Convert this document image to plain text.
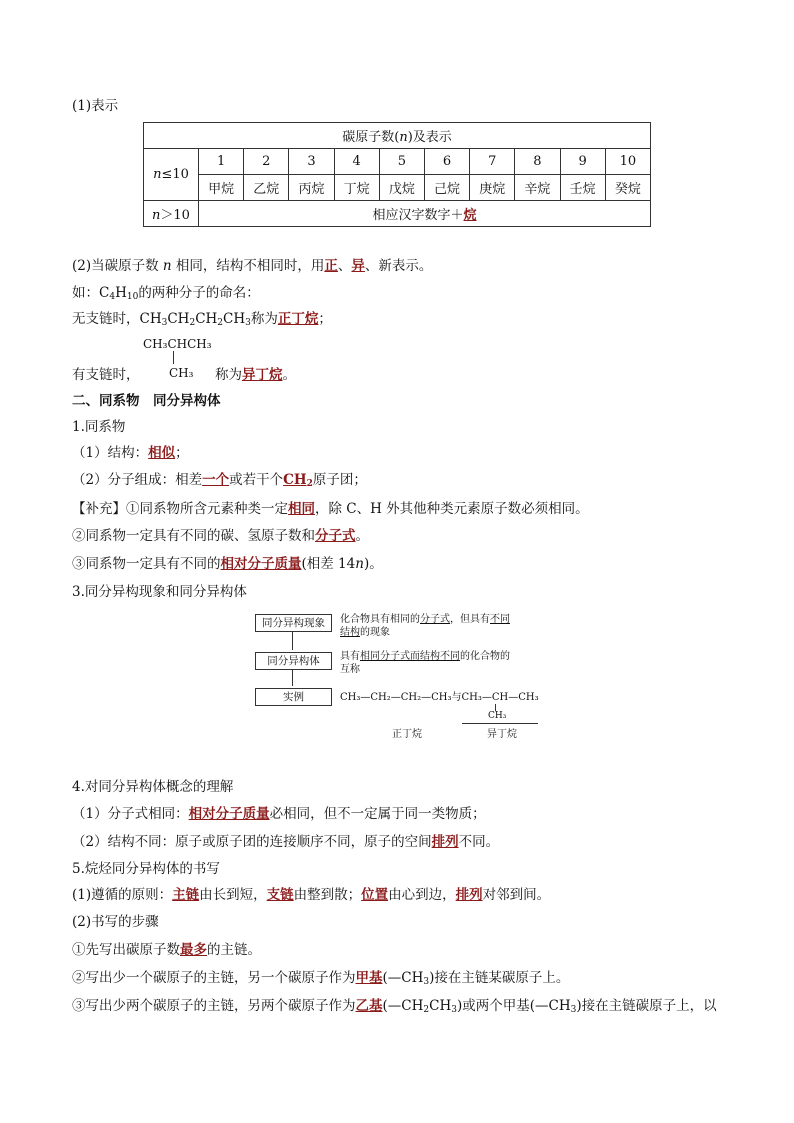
(1)表示
碳原子数(n)及表示										
n≤10	1	2	3	4	5	6	7	8	9	10
	甲烷	乙烷	丙烷	丁烷	戊烷	己烷	庚烷	辛烷	壬烷	癸烷
n＞10	相应汉字数字＋烷									
(2)当碳原子数 n 相同，结构不相同时，用正、异、新表示。
如：$C_4H_{10}$的两种分子的命名：
无支链时，$CH_3CH_2CH_2CH_3$称为正丁烷；
CH₃CHCH₃
CH₃
有支链时，	称为异丁烷。
二、同系物　同分异构体
1.同系物
（1）结构：相似；
（2）分子组成：相差一个或若干个$CH_2$原子团；
【补充】①同系物所含元素种类一定相同，除 C、H 外其他种类元素原子数必须相同。
②同系物一定具有不同的碳、氢原子数和分子式。
③同系物一定具有不同的相对分子质量(相差 14n)。
3.同分异构现象和同分异构体
同分异构现象
同分异构体
实例
化合物具有相同的分子式，但具有不同
结构的现象
具有相同分子式而结构不同的化合物的
互称
CH₃—CH₂—CH₂—CH₃与CH₃—CH—CH₃
CH₃
正丁烷	异丁烷
4.对同分异构体概念的理解
（1）分子式相同：相对分子质量必相同，但不一定属于同一类物质；
（2）结构不同：原子或原子团的连接顺序不同，原子的空间排列不同。
5.烷烃同分异构体的书写
(1)遵循的原则：主链由长到短，支链由整到散；位置由心到边，排列对邻到间。
(2)书写的步骤
①先写出碳原子数最多的主链。
②写出少一个碳原子的主链，另一个碳原子作为甲基$(—CH_3)$接在主链某碳原子上。
③写出少两个碳原子的主链，另两个碳原子作为乙基$(—CH_2CH_3)$或两个甲基$(—CH_3)$接在主链碳原子上，以
